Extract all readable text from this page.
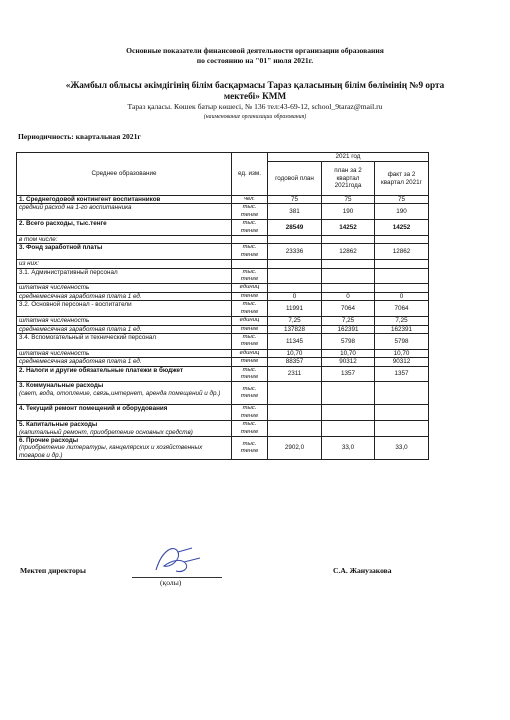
Основные показатели финансовой деятельности организации образования
по состоянию на "01" июля 2021г.
«Жамбыл облысы әкімдігінің білім басқармасы Тараз қаласының білім бөлімінің №9 орта
мектебі» КММ
Тараз қаласы. Көшек батыр көшесі, № 136 тел:43-69-12, school_9taraz@mail.ru
(наименование организации образования)
Периодичность: квартальная 2021г
Среднее образование	ед. изм.	2021 год		
		годовой план	план за 2 квартал 2021года	факт за 2 квартал 2021г

1. Среднегодовой контингент воспитанников	чел.	75	75	75

средний расход на 1-го воспитанника	тыс. тенге	381	190	190

2. Всего расходы, тыс.тенге	тыс. тенге	28549	14252	14252

в том числе:				

3. Фонд заработной платы	тыс. тенге	23336	12862	12862

из них:				

3.1. Административный персонал	тыс. тенге			

штатная численность	единиц			

среднемесячная заработная плата 1 ед.	тенге	0	0	0

3.2. Основной персонал - воспитатели	тыс. тенге	11991	7064	7064

штатная численность	единиц	7,25	7,25	7,25

среднемесячная заработная плата 1 ед.	тенге	137828	162391	162391

3.4. Вспомогательный и технический персонал	тыс. тенге	11345	5798	5798

штатная численность	единиц	10,70	10,70	10,70

среднемесячная заработная плата 1 ед.	тенге	88357	90312	90312

2. Налоги и другие обязательные платежи в бюджет	тыс. тенге	2311	1357	1357

3. Коммунальные расходы
(свет, вода, отопление, связь,интернет, аренда помещений и др.)	тыс. тенге			

4. Текущий ремонт помещений и оборудования	тыс. тенге			

5. Капитальные расходы
(капитальный ремонт, приобретение основных средств)	тыс. тенге			

6. Прочие расходы
(приобретение литературы, канцелярских и хозяйственных товаров и др.)	тыс. тенге	2902,0	33,0	33,0
Мектеп директоры
(қолы)
С.А. Жанузакова
